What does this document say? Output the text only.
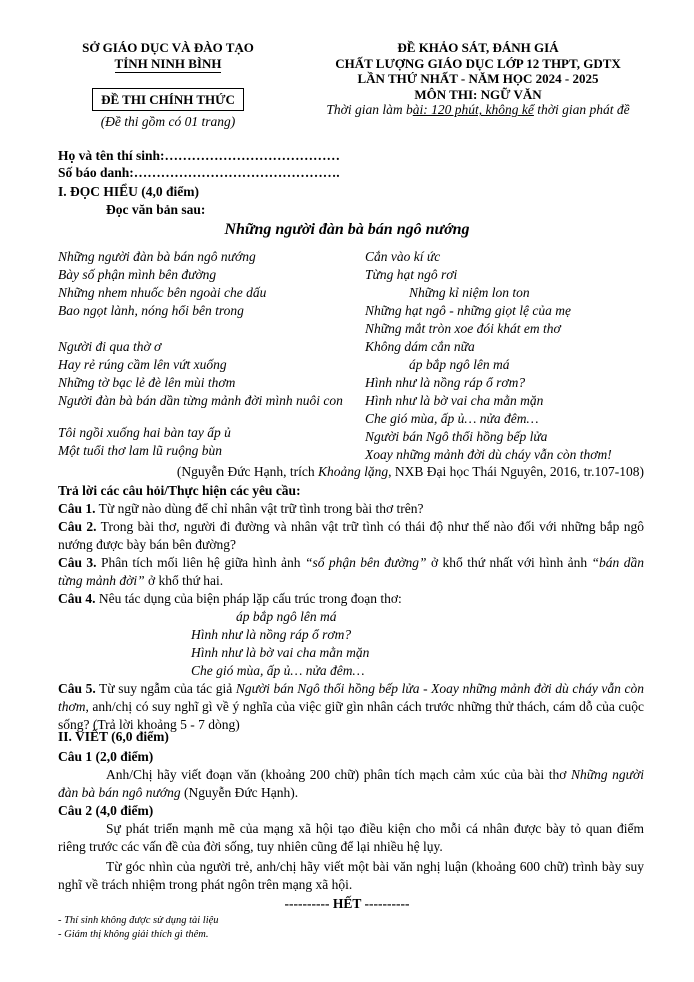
SỞ GIÁO DỤC VÀ ĐÀO TẠO
TỈNH NINH BÌNH
ĐỀ THI CHÍNH THỨC
(Đề thi gồm có 01 trang)
ĐỀ KHẢO SÁT, ĐÁNH GIÁ
CHẤT LƯỢNG GIÁO DỤC LỚP 12 THPT, GDTX
LẦN THỨ NHẤT - NĂM HỌC 2024 - 2025
MÔN THI: NGỮ VĂN
Thời gian làm bài: 120 phút, không kể thời gian phát đề
Họ và tên thí sinh:…………………………………
Số báo danh:……………………………………….
I. ĐỌC HIỂU (4,0 điểm)
Đọc văn bản sau:
Những người đàn bà bán ngô nướng
Những người đàn bà bán ngô nướng
Bày số phận mình bên đường
Những nhem nhuốc bên ngoài che dấu
Bao ngọt lành, nóng hổi bên trong
Người đi qua thờ ơ
Hay rẻ rúng cầm lên vứt xuống
Những tờ bạc lẻ đè lên mùi thơm
Người đàn bà bán dần từng mảnh đời mình nuôi con
Tôi ngồi xuống hai bàn tay ấp ủ
Một tuổi thơ lam lũ ruộng bùn
Cắn vào kí ức
Từng hạt ngô rơi
Những kỉ niệm lon ton
Những hạt ngô - những giọt lệ của mẹ
Những mắt tròn xoe đói khát em thơ
Không dám cắn nữa
áp bắp ngô lên má
Hình như là nồng ráp ổ rơm?
Hình như là bờ vai cha mằn mặn
Che gió mùa, ấp ủ… nửa đêm…
Người bán Ngô thổi hồng bếp lửa
Xoay những mảnh đời dù cháy vẫn còn thơm!
(Nguyễn Đức Hạnh, trích Khoảng lặng, NXB Đại học Thái Nguyên, 2016, tr.107-108)
Trả lời các câu hỏi/Thực hiện các yêu cầu:
Câu 1. Từ ngữ nào dùng để chỉ nhân vật trữ tình trong bài thơ trên?
Câu 2. Trong bài thơ, người đi đường và nhân vật trữ tình có thái độ như thế nào đối với những bắp ngô nướng được bày bán bên đường?
Câu 3. Phân tích mối liên hệ giữa hình ảnh “số phận bên đường” ở khổ thứ nhất với hình ảnh “bán dần từng mảnh đời” ở khổ thứ hai.
Câu 4. Nêu tác dụng của biện pháp lặp cấu trúc trong đoạn thơ:
áp bắp ngô lên má
Hình như là nồng ráp ổ rơm?
Hình như là bờ vai cha mằn mặn
Che gió mùa, ấp ủ… nửa đêm…
Câu 5. Từ suy ngẫm của tác giả Người bán Ngô thổi hồng bếp lửa - Xoay những mảnh đời dù cháy vẫn còn thơm, anh/chị có suy nghĩ gì về ý nghĩa của việc giữ gìn nhân cách trước những thử thách, cám dỗ của cuộc sống? (Trả lời khoảng 5 - 7 dòng)
II. VIẾT (6,0 điểm)
Câu 1 (2,0 điểm)
Anh/Chị hãy viết đoạn văn (khoảng 200 chữ) phân tích mạch cảm xúc của bài thơ Những người đàn bà bán ngô nướng (Nguyễn Đức Hạnh).
Câu 2 (4,0 điểm)
Sự phát triển mạnh mẽ của mạng xã hội tạo điều kiện cho mỗi cá nhân được bày tỏ quan điểm riêng trước các vấn đề của đời sống, tuy nhiên cũng để lại nhiều hệ lụy.
Từ góc nhìn của người trẻ, anh/chị hãy viết một bài văn nghị luận (khoảng 600 chữ) trình bày suy nghĩ về trách nhiệm trong phát ngôn trên mạng xã hội.
---------- HẾT ----------
- Thí sinh không được sử dụng tài liệu
- Giám thị không giải thích gì thêm.
